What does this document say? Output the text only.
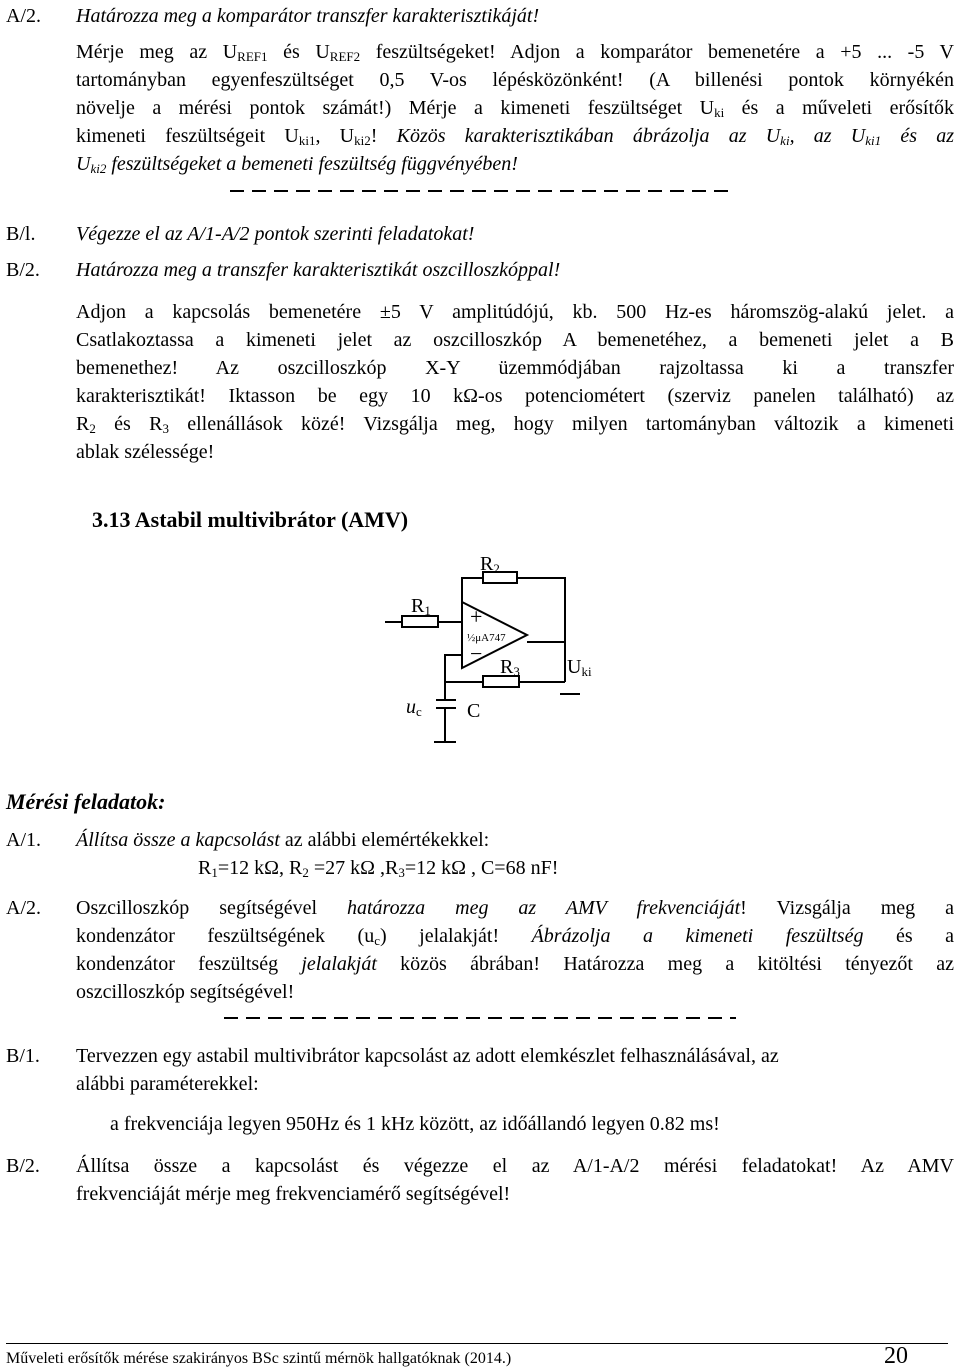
A/2. Határozza meg a komparátor transzfer karakterisztikáját!
Mérje meg az $U_{REF1}$ és $U_{REF2}$ feszültségeket! Adjon a komparátor bemenetére a +5 ... -5 V
tartományban egyenfeszültséget 0,5 V-os lépésközönként! (A billenési pontok környékén
növelje a mérési pontok számát!) Mérje a kimeneti feszültséget $U_{ki}$ és a műveleti erősítők
kimeneti feszültségeit $U_{ki1}$, $U_{ki2}$! Közös karakterisztikában ábrázolja az $U_{ki}$, az $U_{ki1}$ és az
$U_{ki2}$ feszültségeket a bemeneti feszültség függvényében!
B/l. Végezze el az A/1-A/2 pontok szerinti feladatokat!
B/2. Határozza meg a transzfer karakterisztikát oszcilloszkóppal!
Adjon a kapcsolás bemenetére ±5 V amplitúdójú, kb. 500 Hz-es háromszög-alakú jelet. a
Csatlakoztassa a kimeneti jelet az oszcilloszkóp A bemenetéhez, a bemeneti jelet a B
bemenethez! Az oszcilloszkóp X-Y üzemmódjában rajzoltassa ki a transzfer
karakterisztikát! Iktasson be egy 10 kΩ-os potenciométert (szerviz panelen található) az
$R_2$ és $R_3$ ellenállások közé! Vizsgálja meg, hogy milyen tartományban változik a kimeneti
ablak szélessége!
3.13 Astabil multivibrátor (AMV)
R2
R1 +
½μA747
−
R3 Uki
uc C
Mérési feladatok:
A/1. Állítsa össze a kapcsolást az alábbi elemértékekkel:
$R_1=12$ kΩ, $R_2 =27$ kΩ $,R_3=12$ kΩ , C=68 nF!
A/2. Oszcilloszkóp segítségével határozza meg az AMV frekvenciáját! Vizsgálja meg a
kondenzátor feszültségének $(u_c)$ jelalakját! Ábrázolja a kimeneti feszültség és a
kondenzátor feszültség jelalakját közös ábrában! Határozza meg a kitöltési tényezőt az
oszcilloszkóp segítségével!
B/1. Tervezzen egy astabil multivibrátor kapcsolást az adott elemkészlet felhasználásával, az
alábbi paraméterekkel:
a frekvenciája legyen 950Hz és 1 kHz között, az időállandó legyen 0.82 ms!
B/2. Állítsa össze a kapcsolást és végezze el az A/1-A/2 mérési feladatokat! Az AMV
frekvenciáját mérje meg frekvenciamérő segítségével!
Műveleti erősítők mérése szakirányos BSc szintű mérnök hallgatóknak (2014.)	20
